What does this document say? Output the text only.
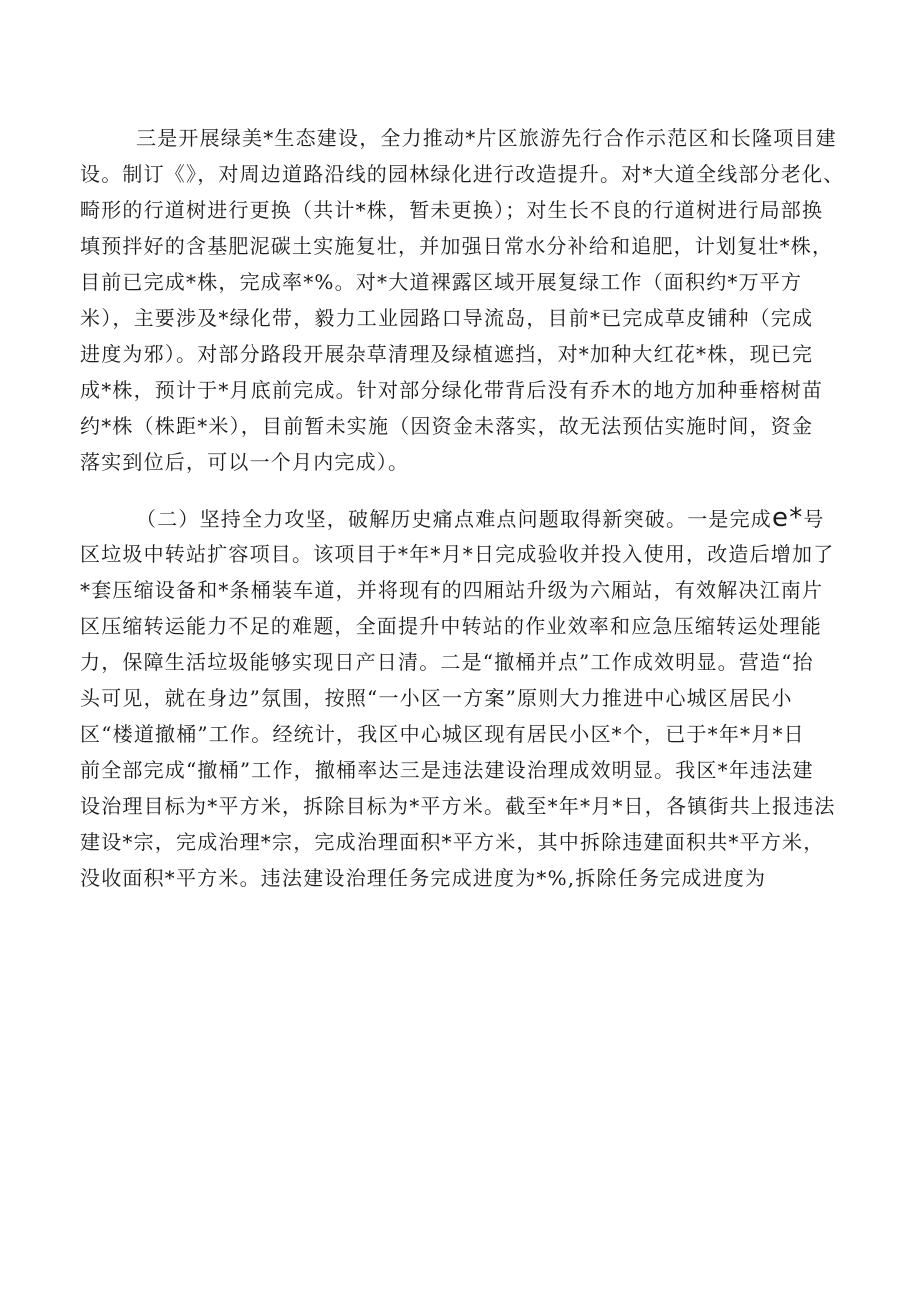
三是开展绿美*生态建设，全力推动*片区旅游先行合作示范区和长隆项目建
设。制订《》，对周边道路沿线的园林绿化进行改造提升。对*大道全线部分老化、
畸形的行道树进行更换（共计*株，暂未更换）；对生长不良的行道树进行局部换
填预拌好的含基肥泥碳土实施复壮，并加强日常水分补给和追肥，计划复壮*株，
目前已完成*株，完成率*%。对*大道裸露区域开展复绿工作（面积约*万平方
米），主要涉及*绿化带，毅力工业园路口导流岛，目前*已完成草皮铺种（完成
进度为邪）。对部分路段开展杂草清理及绿植遮挡，对*加种大红花*株，现已完
成*株，预计于*月底前完成。针对部分绿化带背后没有乔木的地方加种垂榕树苗
约*株（株距*米），目前暂未实施（因资金未落实，故无法预估实施时间，资金
落实到位后，可以一个月内完成）。
（二）坚持全力攻坚，破解历史痛点难点问题取得新突破。一是完成e*号
区垃圾中转站扩容项目。该项目于*年*月*日完成验收并投入使用，改造后增加了
*套压缩设备和*条桶装车道，并将现有的四厢站升级为六厢站，有效解决江南片
区压缩转运能力不足的难题，全面提升中转站的作业效率和应急压缩转运处理能
力，保障生活垃圾能够实现日产日清。二是“撤桶并点”工作成效明显。营造“抬
头可见，就在身边”氛围，按照“一小区一方案”原则大力推进中心城区居民小
区“楼道撤桶”工作。经统计，我区中心城区现有居民小区*个，已于*年*月*日
前全部完成“撤桶”工作，撤桶率达三是违法建设治理成效明显。我区*年违法建
设治理目标为*平方米，拆除目标为*平方米。截至*年*月*日，各镇街共上报违法
建设*宗，完成治理*宗，完成治理面积*平方米，其中拆除违建面积共*平方米，
没收面积*平方米。违法建设治理任务完成进度为*%,拆除任务完成进度为
